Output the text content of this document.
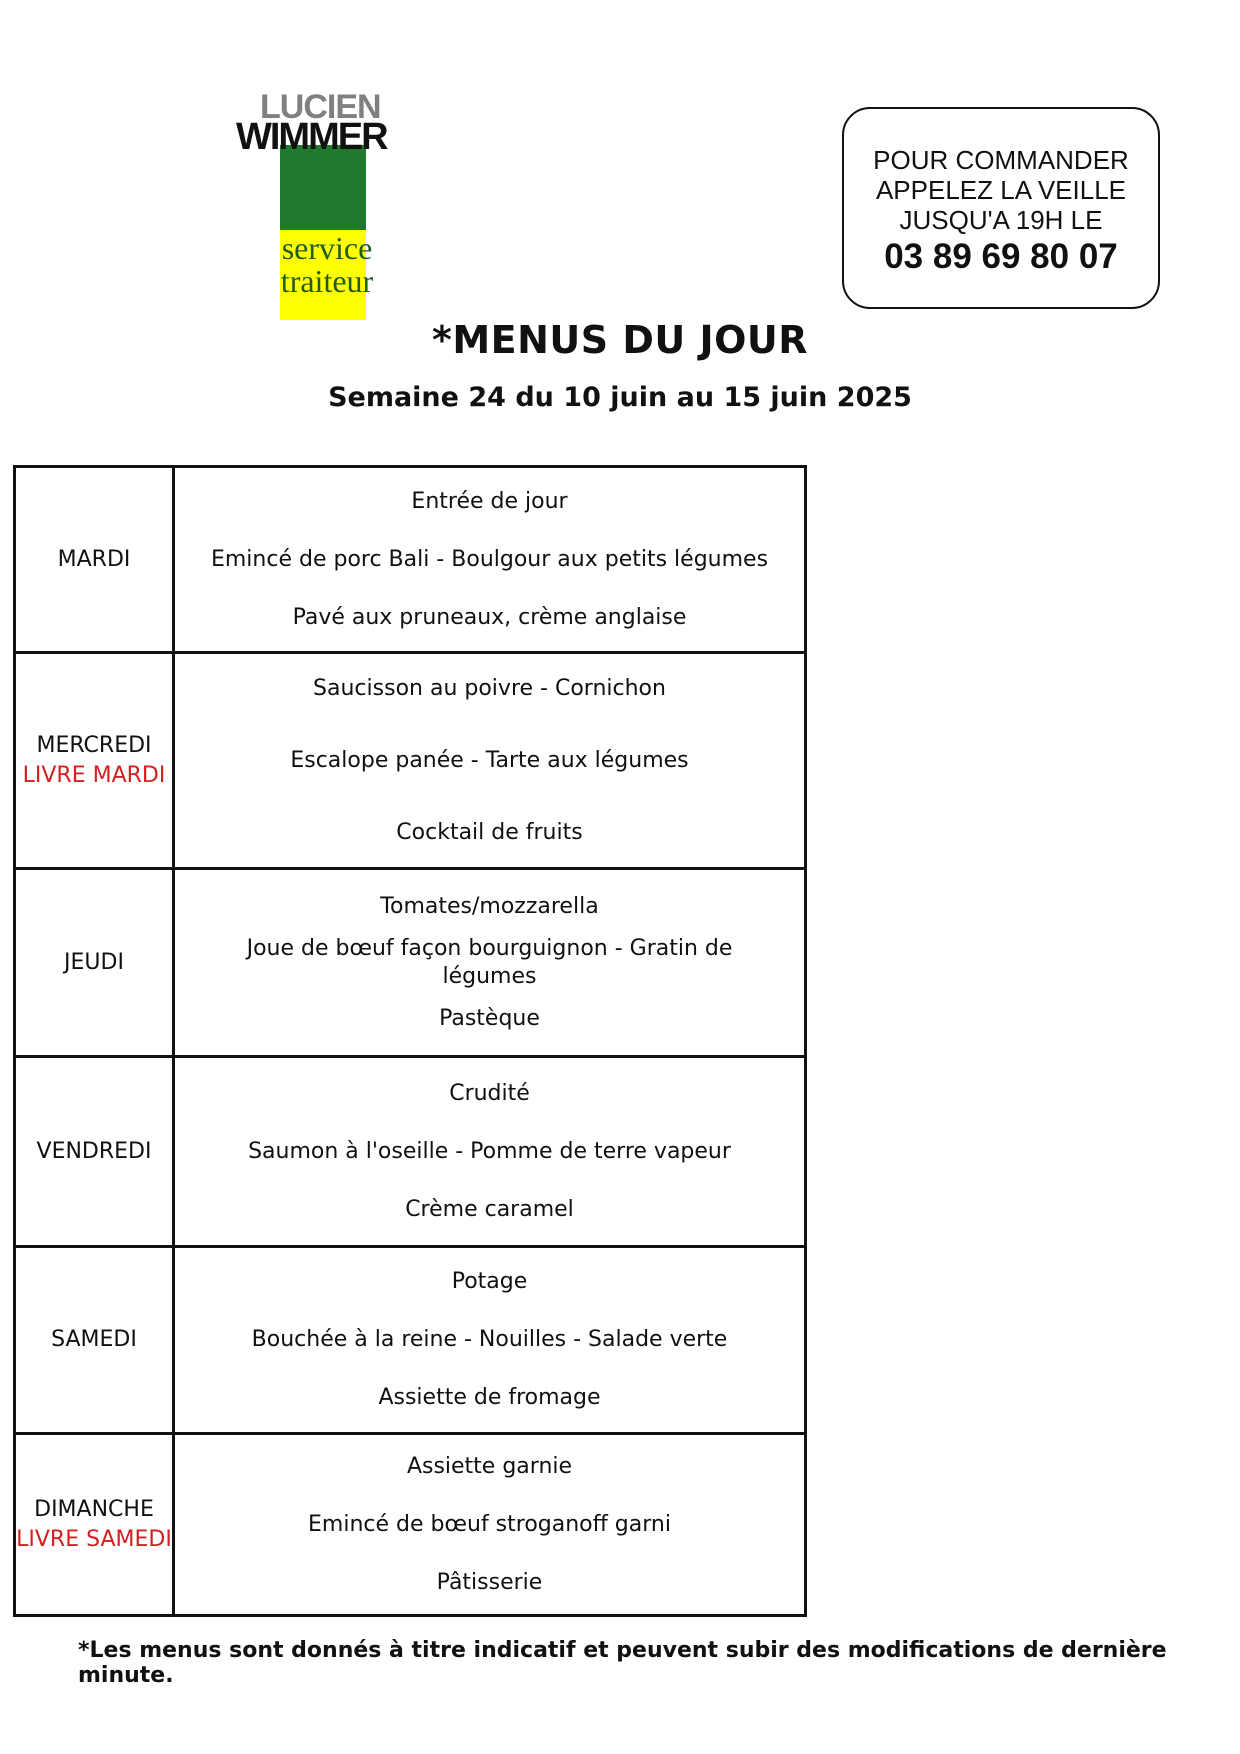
LUCIEN
WIMMER
service
traiteur
POUR COMMANDER
APPELEZ LA VEILLE
JUSQU'A 19H LE
03 89 69 80 07
*MENUS DU JOUR
Semaine 24 du 10 juin au 15 juin 2025
MARDI	Entrée de jour
Emincé de porc Bali - Boulgour aux petits légumes
Pavé aux pruneaux, crème anglaise

MERCREDI
LIVRE MARDI	Saucisson au poivre - Cornichon
Escalope panée - Tarte aux légumes
Cocktail de fruits

JEUDI	Tomates/mozzarella
Joue de bœuf façon bourguignon - Gratin de légumes
Pastèque

VENDREDI	Crudité
Saumon à l'oseille - Pomme de terre vapeur
Crème caramel

SAMEDI	Potage
Bouchée à la reine - Nouilles - Salade verte
Assiette de fromage

DIMANCHE
LIVRE SAMEDI	Assiette garnie
Emincé de bœuf stroganoff garni
Pâtisserie
*Les menus sont donnés à titre indicatif et peuvent subir des modifications de dernière minute.
